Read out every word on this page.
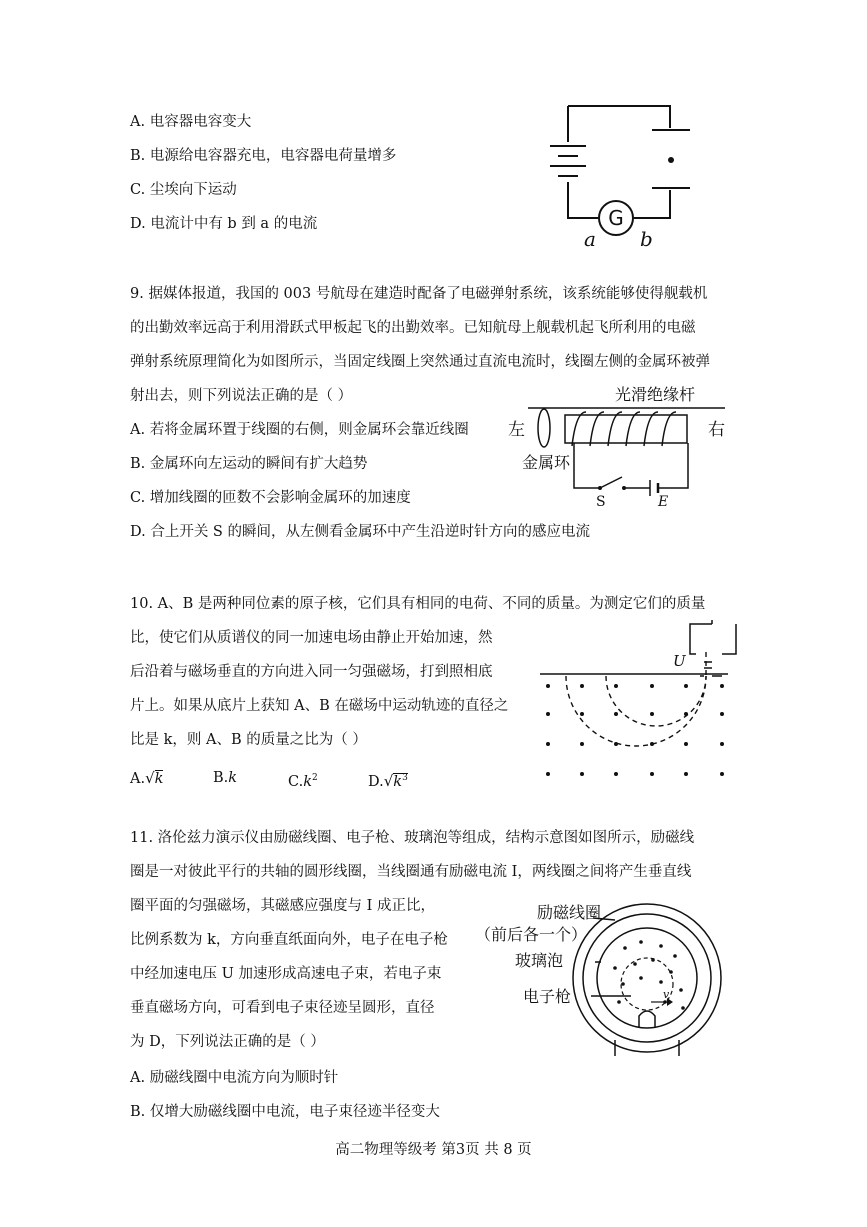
A. 电容器电容变大
B. 电源给电容器充电，电容器电荷量增多
C. 尘埃向下运动
D. 电流计中有 b 到 a 的电流	G
a b
9. 据媒体报道，我国的 003 号航母在建造时配备了电磁弹射系统，该系统能够使得舰载机
的出勤效率远高于利用滑跃式甲板起飞的出勤效率。已知航母上舰载机起飞所利用的电磁
弹射系统原理简化为如图所示，当固定线圈上突然通过直流电流时，线圈左侧的金属环被弹
射出去，则下列说法正确的是（ ）
A. 若将金属环置于线圈的右侧，则金属环会靠近线圈
B. 金属环向左运动的瞬间有扩大趋势
C. 增加线圈的匝数不会影响金属环的加速度
D. 合上开关 S 的瞬间，从左侧看金属环中产生沿逆时针方向的感应电流
光滑绝缘杆
左	右
金属环
S	E
10. A、B 是两种同位素的原子核，它们具有相同的电荷、不同的质量。为测定它们的质量
比，使它们从质谱仪的同一加速电场由静止开始加速，然
后沿着与磁场垂直的方向进入同一匀强磁场，打到照相底
片上。如果从底片上获知 A、B 在磁场中运动轨迹的直径之
比是 k，则 A、B 的质量之比为（ ）
A.√k	B.k	$C.k^2$	$D.√k^3$
U
11. 洛伦兹力演示仪由励磁线圈、电子枪、玻璃泡等组成，结构示意图如图所示，励磁线
圈是一对彼此平行的共轴的圆形线圈，当线圈通有励磁电流 I，两线圈之间将产生垂直线
圈平面的匀强磁场，其磁感应强度与 I 成正比，
比例系数为 k，方向垂直纸面向外，电子在电子枪
中经加速电压 U 加速形成高速电子束，若电子束
垂直磁场方向，可看到电子束径迹呈圆形，直径
为 D，下列说法正确的是（ ）
A. 励磁线圈中电流方向为顺时针
B. 仅增大励磁线圈中电流，电子束径迹半径变大
励磁线圈
（前后各一个）
玻璃泡
电子枪	v
高二物理等级考 第3页 共 8 页
